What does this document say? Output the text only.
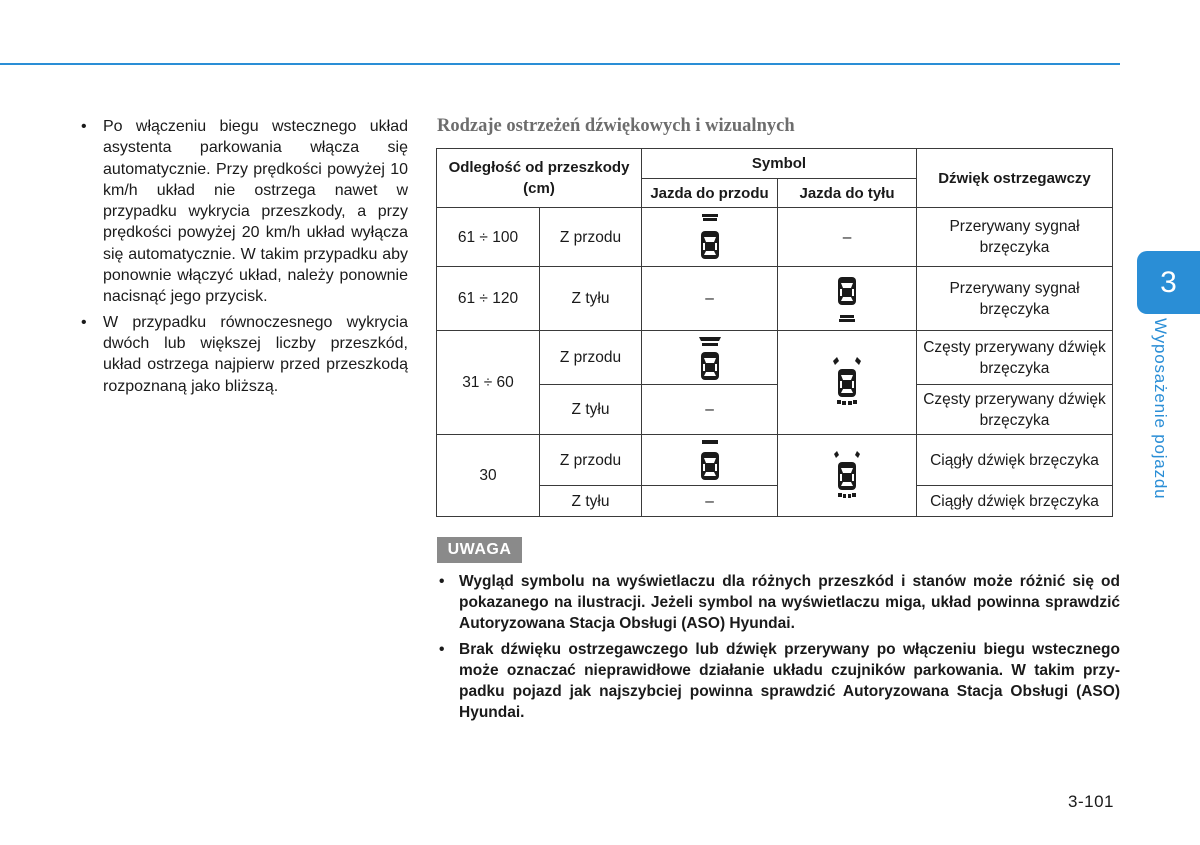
• Po włączeniu biegu wstecznego układ asystenta parkowania włącza się automatycznie. Przy prędkości powyżej 10 km/h układ nie ostrzega nawet w przypadku wykrycia przeszkody, a przy prędkości powyżej 20 km/h układ wyłącza się automatycznie. W takim przypadku aby ponownie włączyć układ, należy ponownie nacisnąć jego przycisk.
• W przypadku równoczesnego wykrycia dwóch lub większej liczby przeszkód, układ ostrzega najpierw przed przeszkodą rozpoznaną jako bliższą.
Rodzaje ostrzeżeń dźwiękowych i wizualnych
Odległość od przeszkody (cm)		Symbol		Dźwięk ostrzegawczy
		Jazda do przodu	Jazda do tyłu	
61 ÷ 100	Z przodu		–	Przerywany sygnał brzęczyka
61 ÷ 120	Z tyłu	–		Przerywany sygnał brzęczyka
31 ÷ 60	Z przodu			Częsty przerywany dźwięk brzęczyka
	Z tyłu	–		Częsty przerywany dźwięk brzęczyka
30	Z przodu			Ciągły dźwięk brzęczyka
	Z tyłu	–		Ciągły dźwięk brzęczyka
UWAGA
• Wygląd symbolu na wyświetlaczu dla różnych przeszkód i stanów może różnić się od pokazanego na ilustracji. Jeżeli symbol na wyświetlaczu miga, układ powinna sprawdzić Autoryzowana Stacja Obsługi (ASO) Hyundai.
• Brak dźwięku ostrzegawczego lub dźwięk przerywany po włączeniu biegu wstecznego może oznaczać nieprawidłowe działanie układu czujników parkowania. W takim przypadku pojazd jak najszybciej powinna sprawdzić Autoryzowana Stacja Obsługi (ASO) Hyundai.
3
Wyposażenie pojazdu
3-101
